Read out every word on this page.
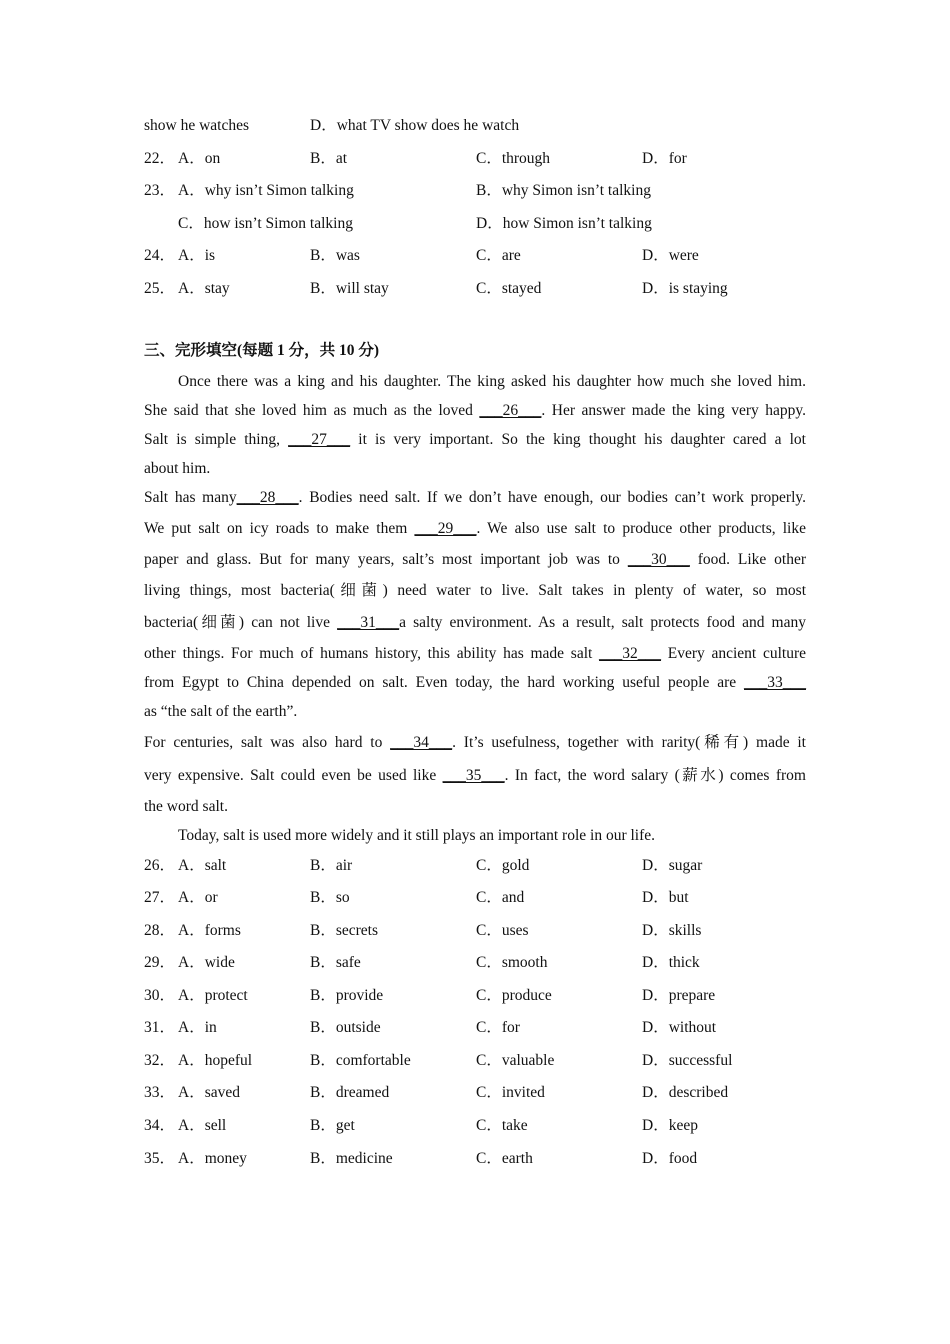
show he watches	D．what TV show does he watch
22． A．on	B．at	C．through	D．for
23． A．why isn’t Simon talking	B．why Simon isn’t talking
C．how isn’t Simon talking	D．how Simon isn’t talking
24． A．is	B．was	C．are	D．were
25． A．stay	B．will stay	C．stayed	D．is staying
三、完形填空(每题 1 分，共 10 分)
Once there was a king and his daughter. The king asked his daughter how much she loved him.
She said that she loved him as much as the loved ___26___. Her answer made the king very happy.
Salt is simple thing, ___27___ it is very important. So the king thought his daughter cared a lot
about him.
Salt has many___28___. Bodies need salt. If we don’t have enough, our bodies can’t work properly.
We put salt on icy roads to make them ___29___. We also use salt to produce other products, like
paper and glass. But for many years, salt’s most important job was to ___30___ food. Like other
living things, most bacteria(细菌) need water to live. Salt takes in plenty of water, so most
bacteria(细菌) can not live ___31___a salty environment. As a result, salt protects food and many
other things. For much of humans history, this ability has made salt ___32___ Every ancient culture
from Egypt to China depended on salt. Even today, the hard working useful people are ___33___
as “the salt of the earth”.
For centuries, salt was also hard to ___34___. It’s usefulness, together with rarity(稀有) made it
very expensive. Salt could even be used like ___35___. In fact, the word salary (薪水) comes from
the word salt.
Today, salt is used more widely and it still plays an important role in our life.
26． A．salt	B．air	C．gold	D．sugar
27． A．or	B．so	C．and	D．but
28． A．forms	B．secrets	C．uses	D．skills
29． A．wide	B．safe	C．smooth	D．thick
30． A．protect	B．provide	C．produce	D．prepare
31． A．in	B．outside	C．for	D．without
32． A．hopeful	B．comfortable	C．valuable	D．successful
33． A．saved	B．dreamed	C．invited	D．described
34． A．sell	B．get	C．take	D．keep
35． A．money	B．medicine	C．earth	D．food
